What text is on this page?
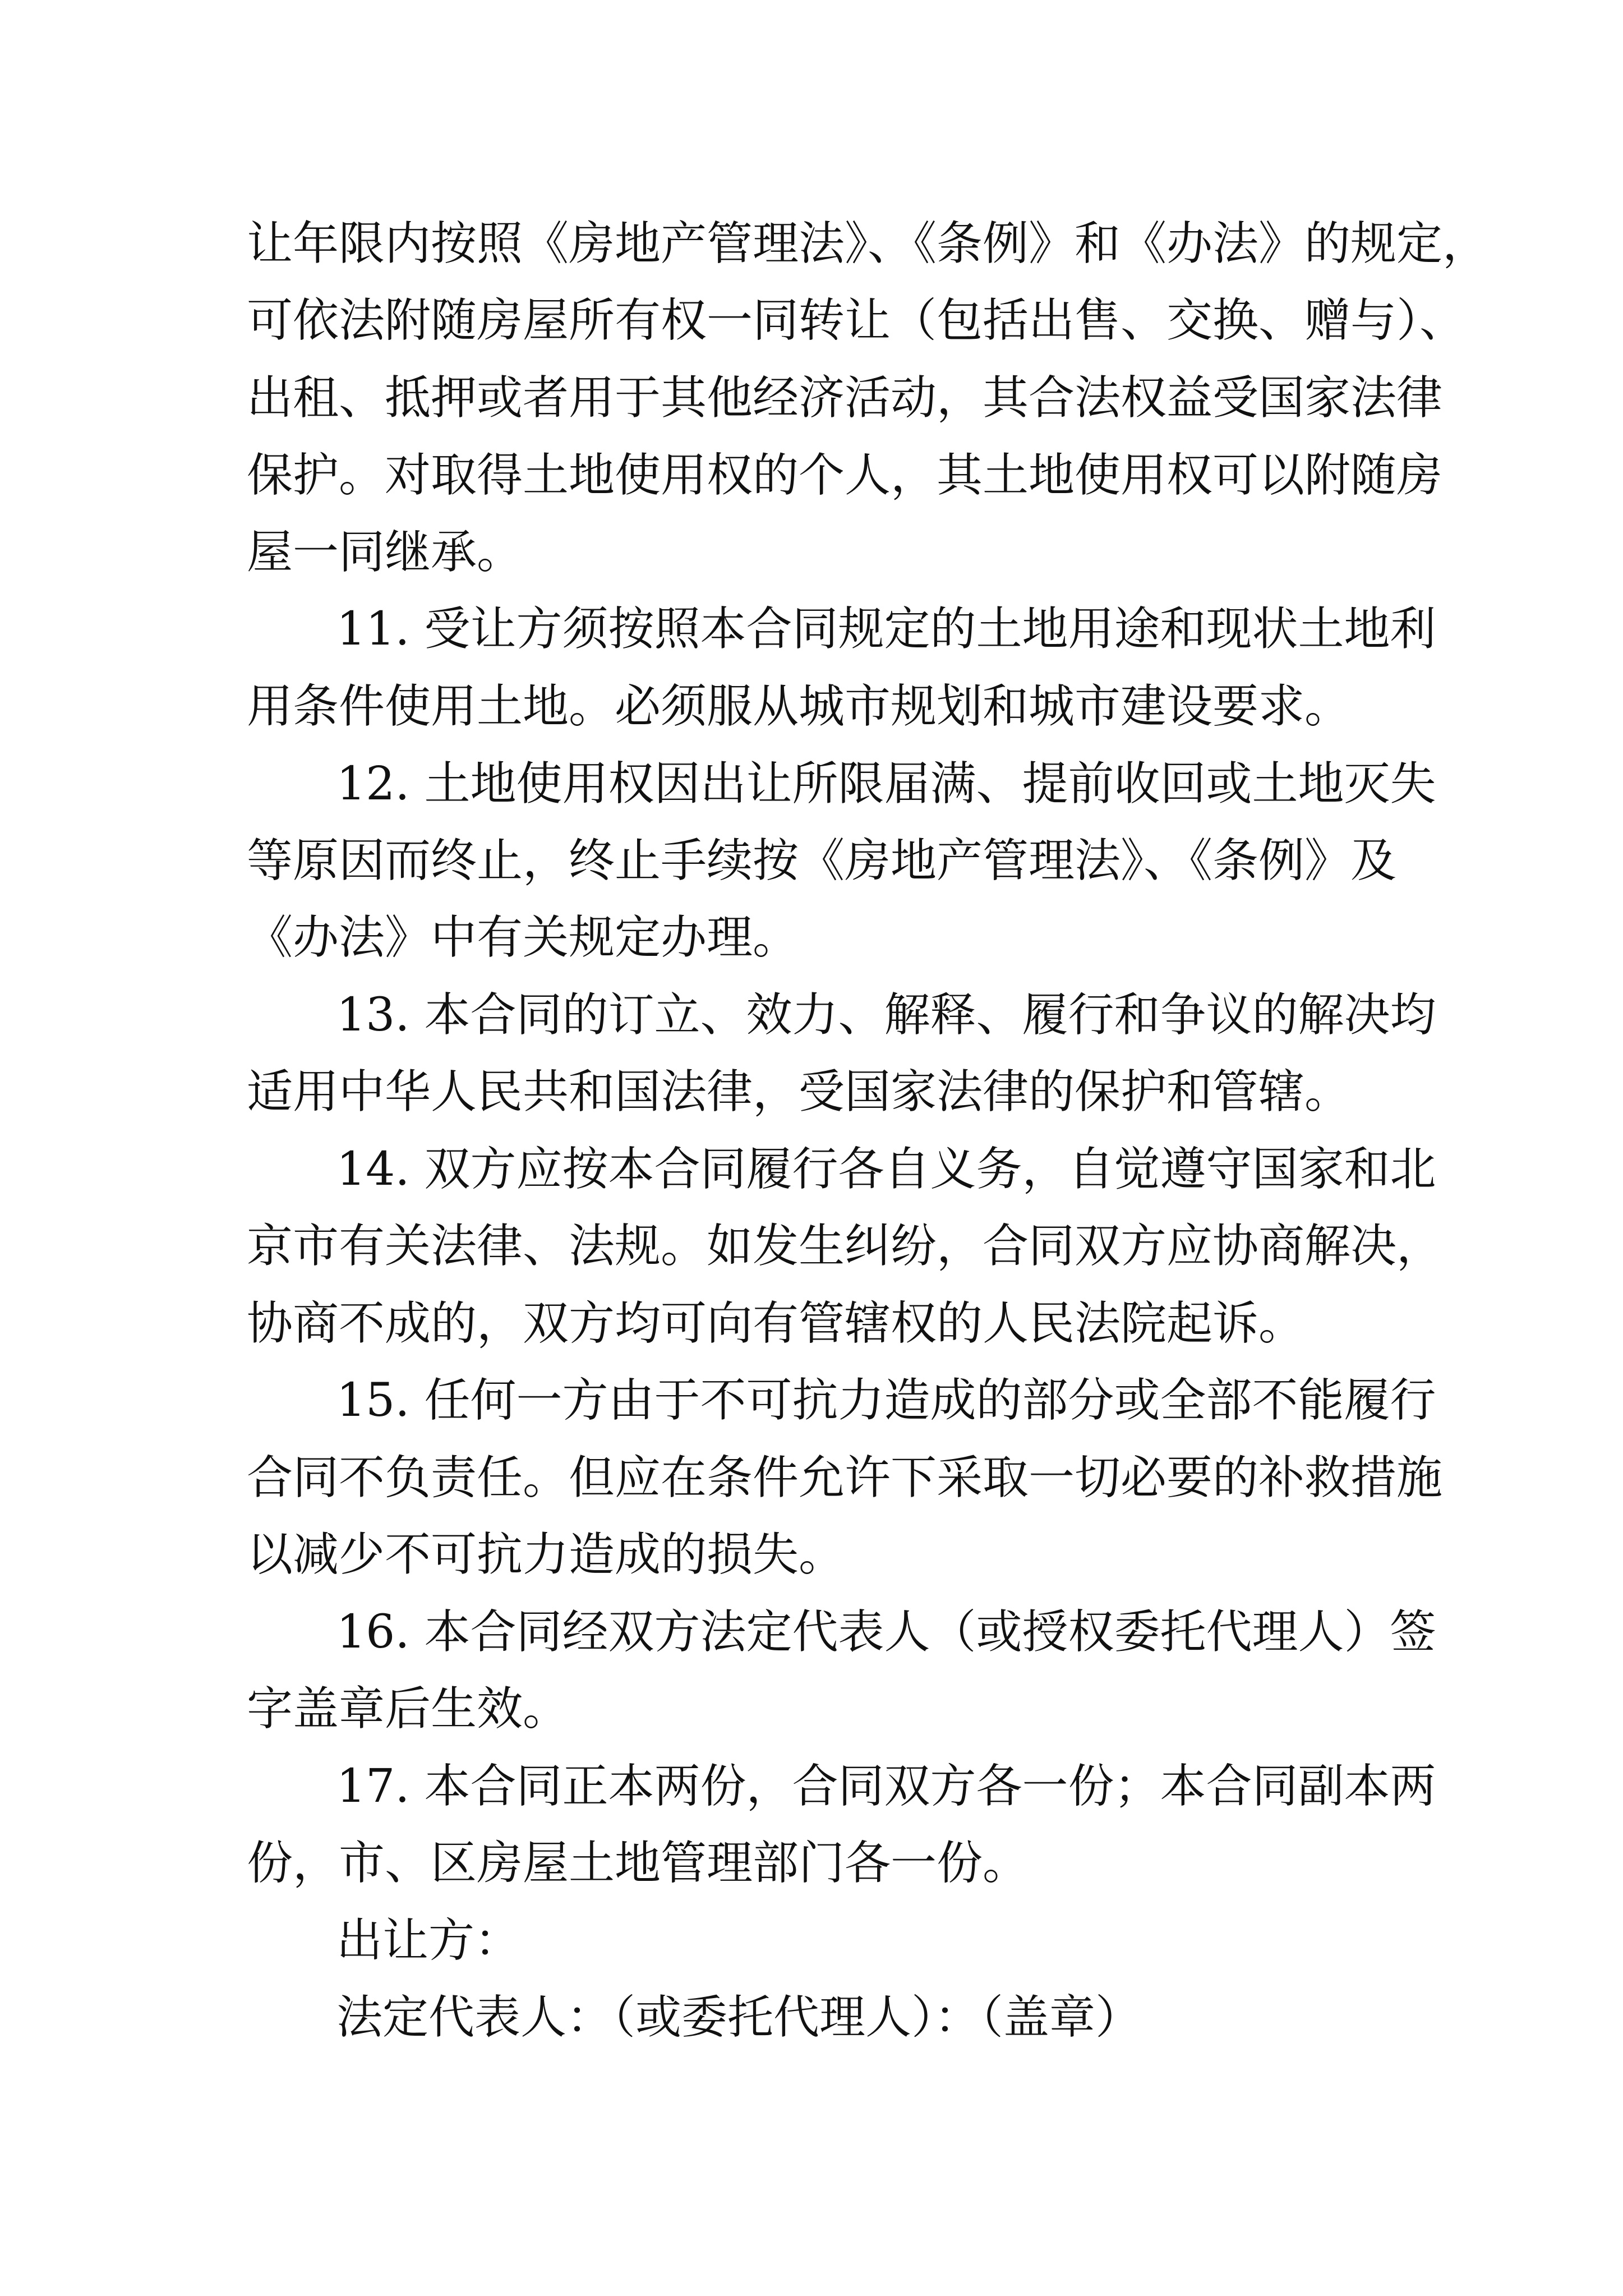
让年限内按照《房地产管理法》、《条例》和《办法》的规定，
可依法附随房屋所有权一同转让（包括出售、交换、赠与）、
出租、抵押或者用于其他经济活动，其合法权益受国家法律
保护。对取得土地使用权的个人，其土地使用权可以附随房
屋一同继承。
11. 受让方须按照本合同规定的土地用途和现状土地利
用条件使用土地。必须服从城市规划和城市建设要求。
12. 土地使用权因出让所限届满、提前收回或土地灭失
等原因而终止，终止手续按《房地产管理法》、《条例》及
《办法》中有关规定办理。
13. 本合同的订立、效力、解释、履行和争议的解决均
适用中华人民共和国法律，受国家法律的保护和管辖。
14. 双方应按本合同履行各自义务，自觉遵守国家和北
京市有关法律、法规。如发生纠纷，合同双方应协商解决，
协商不成的，双方均可向有管辖权的人民法院起诉。
15. 任何一方由于不可抗力造成的部分或全部不能履行
合同不负责任。但应在条件允许下采取一切必要的补救措施
以减少不可抗力造成的损失。
16. 本合同经双方法定代表人（或授权委托代理人）签
字盖章后生效。
17. 本合同正本两份，合同双方各一份；本合同副本两
份，市、区房屋土地管理部门各一份。
出让方：
法定代表人：（或委托代理人）：（盖章）
